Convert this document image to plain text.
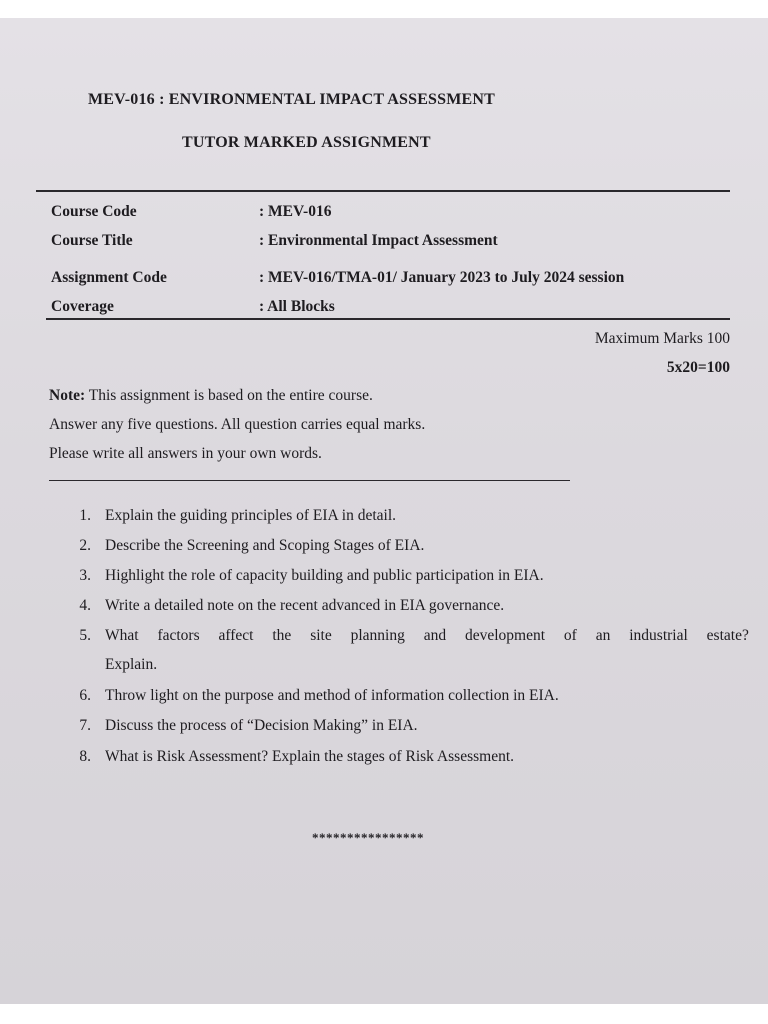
MEV-016 : ENVIRONMENTAL IMPACT ASSESSMENT
TUTOR MARKED ASSIGNMENT
Course Code	: MEV-016
Course Title	: Environmental Impact Assessment
Assignment Code	: MEV-016/TMA-01/ January 2023 to July 2024 session
Coverage	: All Blocks
Maximum Marks 100
5x20=100
Note: This assignment is based on the entire course.
Answer any five questions. All question carries equal marks.
Please write all answers in your own words.
1. Explain the guiding principles of EIA in detail.
2. Describe the Screening and Scoping Stages of EIA.
3. Highlight the role of capacity building and public participation in EIA.
4. Write a detailed note on the recent advanced in EIA governance.
5. What factors affect the site planning and development of an industrial estate?
Explain.
6. Throw light on the purpose and method of information collection in EIA.
7. Discuss the process of “Decision Making” in EIA.
8. What is Risk Assessment? Explain the stages of Risk Assessment.
****************
